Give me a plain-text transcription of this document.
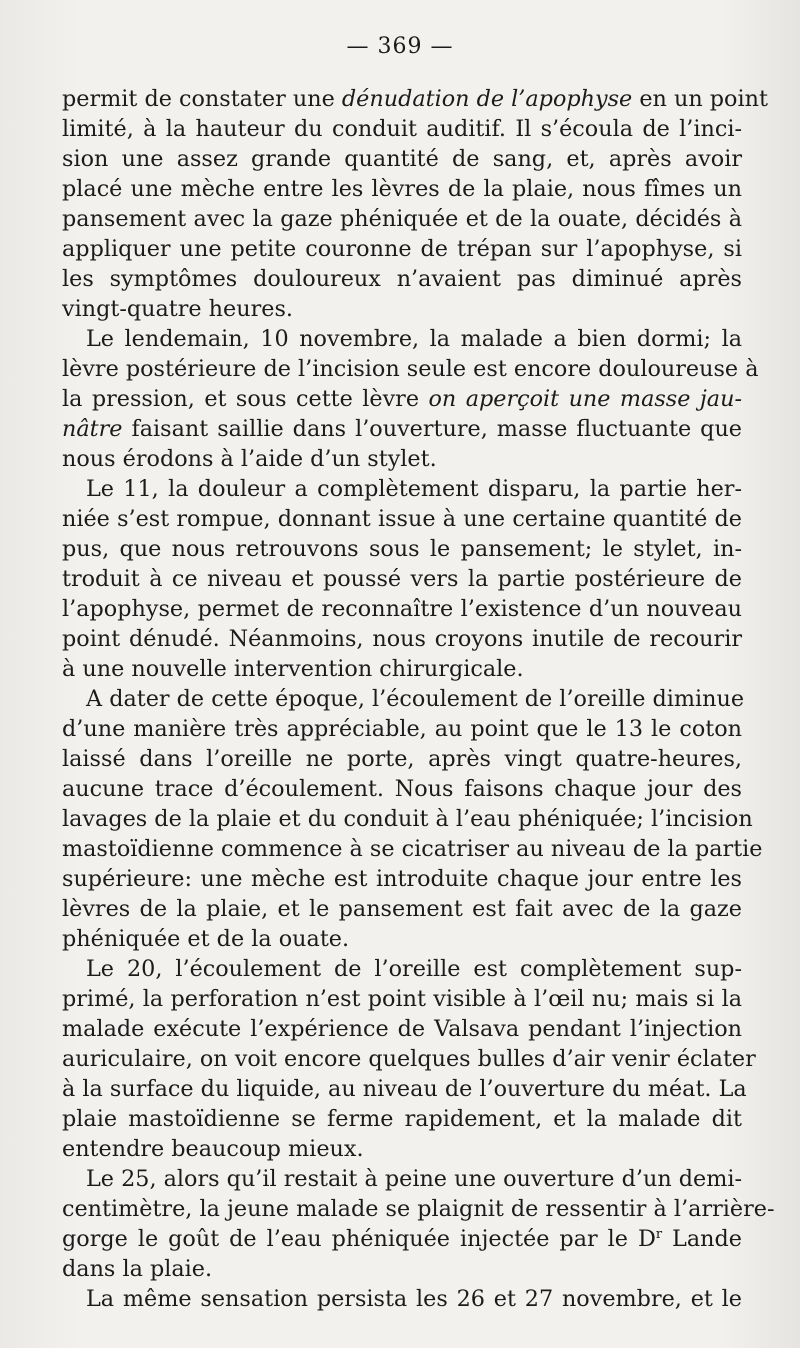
— 369 —
permit de constater une dénudation de l’apophyse en un point
limité, à la hauteur du conduit auditif. Il s’écoula de l’inci-
sion une assez grande quantité de sang, et, après avoir
placé une mèche entre les lèvres de la plaie, nous fîmes un
pansement avec la gaze phéniquée et de la ouate, décidés à
appliquer une petite couronne de trépan sur l’apophyse, si
les symptômes douloureux n’avaient pas diminué après
vingt-quatre heures.
Le lendemain, 10 novembre, la malade a bien dormi; la
lèvre postérieure de l’incision seule est encore douloureuse à
la pression, et sous cette lèvre on aperçoit une masse jau-
nâtre faisant saillie dans l’ouverture, masse fluctuante que
nous érodons à l’aide d’un stylet.
Le 11, la douleur a complètement disparu, la partie her-
niée s’est rompue, donnant issue à une certaine quantité de
pus, que nous retrouvons sous le pansement; le stylet, in-
troduit à ce niveau et poussé vers la partie postérieure de
l’apophyse, permet de reconnaître l’existence d’un nouveau
point dénudé. Néanmoins, nous croyons inutile de recourir
à une nouvelle intervention chirurgicale.
A dater de cette époque, l’écoulement de l’oreille diminue
d’une manière très appréciable, au point que le 13 le coton
laissé dans l’oreille ne porte, après vingt quatre-heures,
aucune trace d’écoulement. Nous faisons chaque jour des
lavages de la plaie et du conduit à l’eau phéniquée; l’incision
mastoïdienne commence à se cicatriser au niveau de la partie
supérieure: une mèche est introduite chaque jour entre les
lèvres de la plaie, et le pansement est fait avec de la gaze
phéniquée et de la ouate.
Le 20, l’écoulement de l’oreille est complètement sup-
primé, la perforation n’est point visible à l’œil nu; mais si la
malade exécute l’expérience de Valsava pendant l’injection
auriculaire, on voit encore quelques bulles d’air venir éclater
à la surface du liquide, au niveau de l’ouverture du méat. La
plaie mastoïdienne se ferme rapidement, et la malade dit
entendre beaucoup mieux.
Le 25, alors qu’il restait à peine une ouverture d’un demi-
centimètre, la jeune malade se plaignit de ressentir à l’arrière-
gorge le goût de l’eau phéniquée injectée par le $D^r$ Lande
dans la plaie.
La même sensation persista les 26 et 27 novembre, et le
